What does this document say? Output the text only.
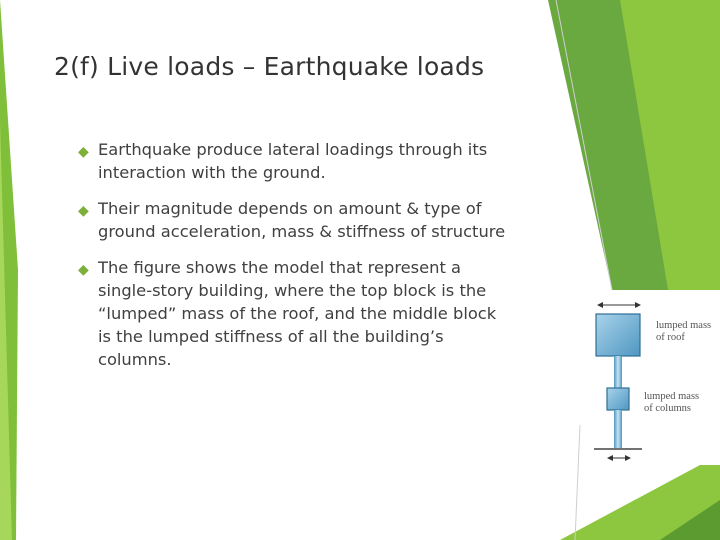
2(f) Live loads – Earthquake loads
◆ Earthquake produce lateral loadings through its
interaction with the ground.
◆ Their magnitude depends on amount & type of
ground acceleration, mass & stiffness of structure
◆ The figure shows the model that represent a
single-story building, where the top block is the
“lumped” mass of the roof, and the middle block
is the lumped stiffness of all the building’s
columns.
lumped mass
of roof
lumped mass
of columns
